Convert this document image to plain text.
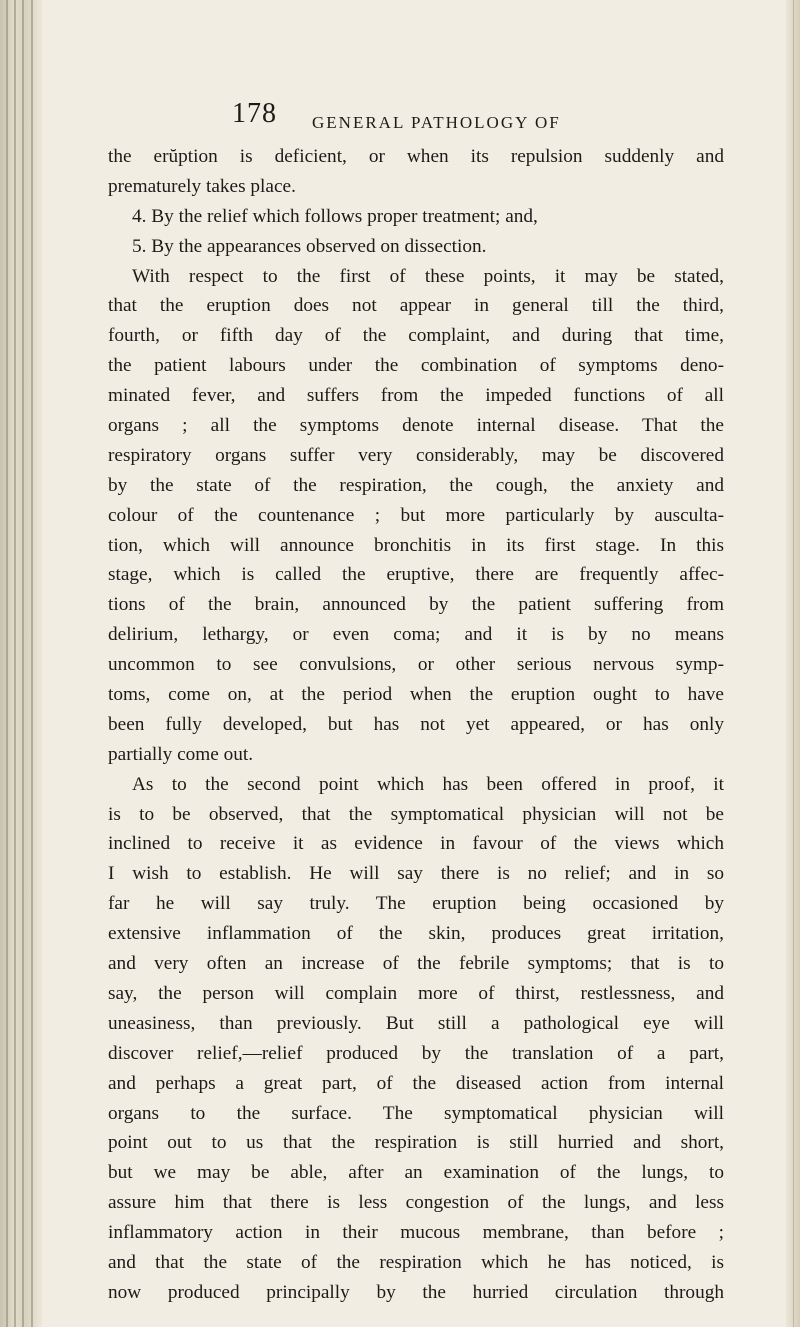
178 GENERAL PATHOLOGY OF
the erŭption is deficient, or when its repulsion suddenly and
prematurely takes place.
4. By the relief which follows proper treatment; and,
5. By the appearances observed on dissection.
With respect to the first of these points, it may be stated,
that the eruption does not appear in general till the third,
fourth, or fifth day of the complaint, and during that time,
the patient labours under the combination of symptoms deno-
minated fever, and suffers from the impeded functions of all
organs ; all the symptoms denote internal disease. That the
respiratory organs suffer very considerably, may be discovered
by the state of the respiration, the cough, the anxiety and
colour of the countenance ; but more particularly by ausculta-
tion, which will announce bronchitis in its first stage. In this
stage, which is called the eruptive, there are frequently affec-
tions of the brain, announced by the patient suffering from
delirium, lethargy, or even coma; and it is by no means
uncommon to see convulsions, or other serious nervous symp-
toms, come on, at the period when the eruption ought to have
been fully developed, but has not yet appeared, or has only
partially come out.
As to the second point which has been offered in proof, it
is to be observed, that the symptomatical physician will not be
inclined to receive it as evidence in favour of the views which
I wish to establish. He will say there is no relief; and in so
far he will say truly. The eruption being occasioned by
extensive inflammation of the skin, produces great irritation,
and very often an increase of the febrile symptoms; that is to
say, the person will complain more of thirst, restlessness, and
uneasiness, than previously. But still a pathological eye will
discover relief,—relief produced by the translation of a part,
and perhaps a great part, of the diseased action from internal
organs to the surface. The symptomatical physician will
point out to us that the respiration is still hurried and short,
but we may be able, after an examination of the lungs, to
assure him that there is less congestion of the lungs, and less
inflammatory action in their mucous membrane, than before ;
and that the state of the respiration which he has noticed, is
now produced principally by the hurried circulation through
